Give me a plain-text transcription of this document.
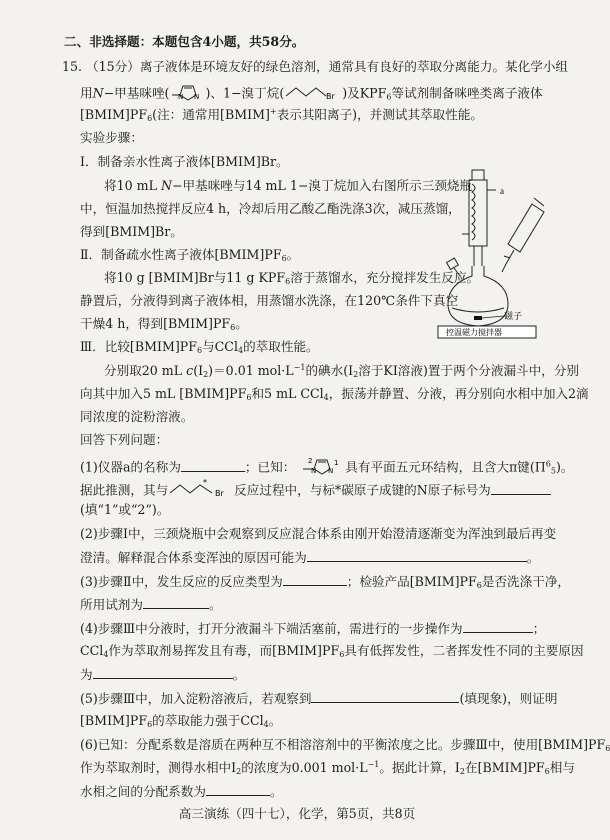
二、非选择题：本题包含4小题，共58分。
15. （15分）离子液体是环境友好的绿色溶剂，通常具有良好的萃取分离能力。某化学小组
用N−甲基咪唑( N N )、1−溴丁烷(	Br )及$KPF_6$等试剂制备咪唑类离子液体
$[BMIM]PF_6$(注：通常用[BMIM]+表示其阳离子)，并测试其萃取性能。
实验步骤：
Ⅰ．制备亲水性离子液体[BMIM]Br。
将10 mL N−甲基咪唑与14 mL 1−溴丁烷加入右图所示三颈烧瓶
中，恒温加热搅拌反应4 h，冷却后用乙酸乙酯洗涤3次，减压蒸馏，
得到[BMIM]Br。
Ⅱ．制备疏水性离子液体$[BMIM]PF_6$。
将10 g [BMIM]Br与11 g $KPF_6$溶于蒸馏水，充分搅拌发生反应。
静置后，分液得到离子液体相，用蒸馏水洗涤，在120℃条件下真空
干燥4 h，得到$[BMIM]PF_6$。
Ⅲ．比较$[BMIM]PF_6$与CCl$_4$的萃取性能。
分别取20 mL $c(I_2)=0.01$ $mol\cdot L^{-1}$的碘水($I_2$溶于KI溶液)置于两个分液漏斗中，分别
向其中加入5 mL $[BMIM]PF_6$和5 mL CCl$_4$，振荡并静置、分液，再分别向水相中加入2滴
同浓度的淀粉溶液。
回答下列问题：
(1)仪器a的名称为	；已知： N N
2	1 具有平面五元环结构，且含大π键$(\Pi^6_5)$。
据此推测，其与	*
Br 反应过程中，与标*碳原子成键的N原子标号为
(填“1”或“2”)。
(2)步骤Ⅰ中，三颈烧瓶中会观察到反应混合体系由刚开始澄清逐渐变为浑浊到最后再变
澄清。解释混合体系变浑浊的原因可能为	。
(3)步骤Ⅱ中，发生反应的反应类型为	；检验产品$[BMIM]PF_6$是否洗涤干净，
所用试剂为	。
(4)步骤Ⅲ中分液时，打开分液漏斗下端活塞前，需进行的一步操作为	；
CCl$_4$作为萃取剂易挥发且有毒，而$[BMIM]PF_6$具有低挥发性，二者挥发性不同的主要原因
为	。
(5)步骤Ⅲ中，加入淀粉溶液后，若观察到	(填现象)，则证明
$[BMIM]PF_6$的萃取能力强于CCl$_4$。
(6)已知：分配系数是溶质在两种互不相溶溶剂中的平衡浓度之比。步骤Ⅲ中，使用$[BMIM]PF_6$
作为萃取剂时，测得水相中$I_2$的浓度为0.001 $mol\cdot L^{-1}$。据此计算，$I_2$在$[BMIM]PF_6$相与
水相之间的分配系数为	。
a
磁子
控温磁力搅拌器
高三演练（四十七），化学，第5页，共8页
